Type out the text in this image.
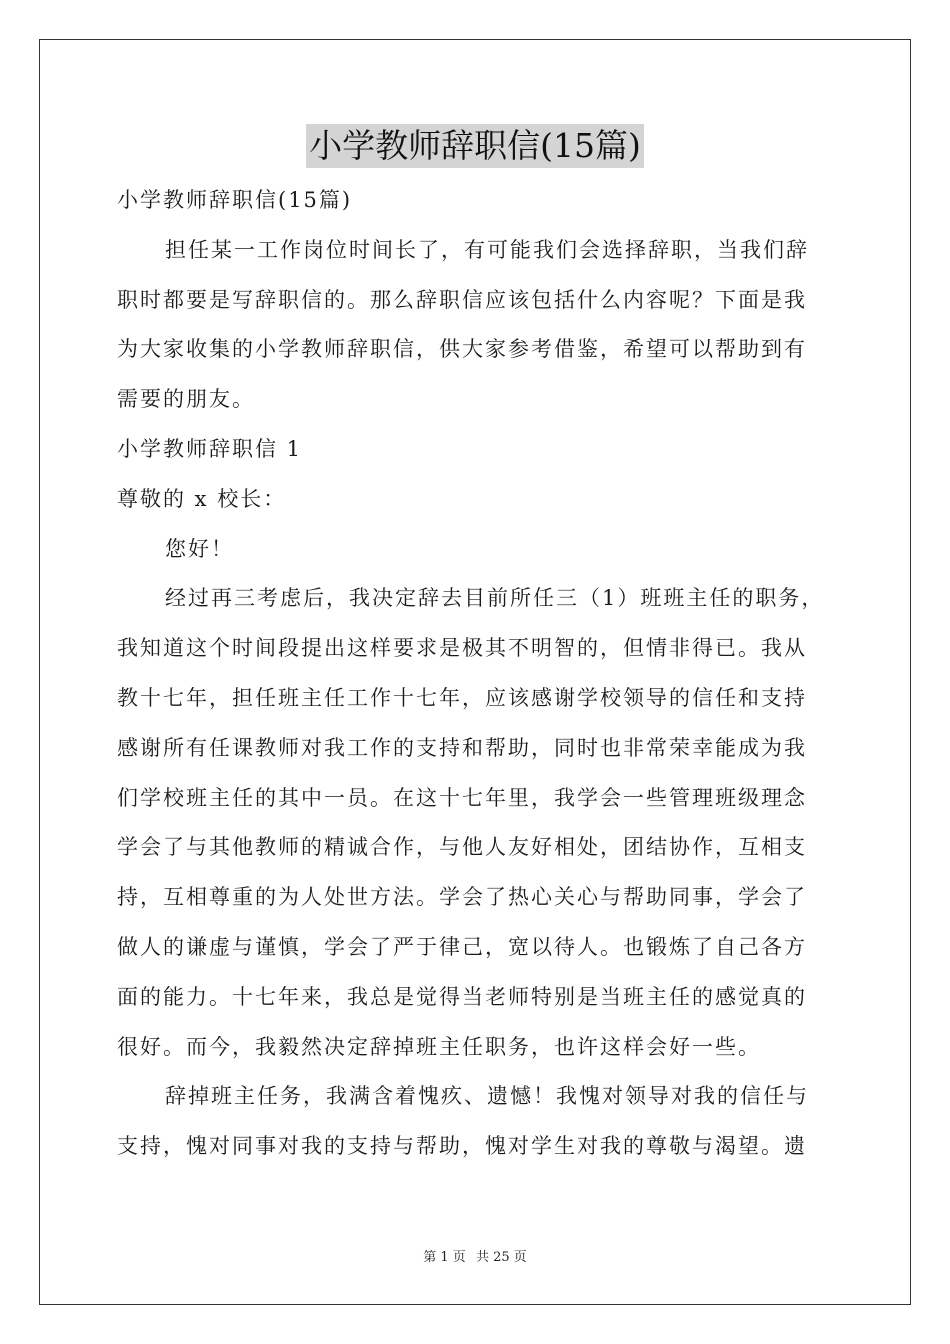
小学教师辞职信(15篇)
小学教师辞职信(15篇)
担任某一工作岗位时间长了，有可能我们会选择辞职，当我们辞
职时都要是写辞职信的。那么辞职信应该包括什么内容呢？下面是我
为大家收集的小学教师辞职信，供大家参考借鉴，希望可以帮助到有
需要的朋友。
小学教师辞职信 1
尊敬的 x 校长：
您好！
经过再三考虑后，我决定辞去目前所任三（1）班班主任的职务，
我知道这个时间段提出这样要求是极其不明智的，但情非得已。我从
教十七年，担任班主任工作十七年，应该感谢学校领导的信任和支持
感谢所有任课教师对我工作的支持和帮助，同时也非常荣幸能成为我
们学校班主任的其中一员。在这十七年里，我学会一些管理班级理念
学会了与其他教师的精诚合作，与他人友好相处，团结协作，互相支
持，互相尊重的为人处世方法。学会了热心关心与帮助同事，学会了
做人的谦虚与谨慎，学会了严于律己，宽以待人。也锻炼了自己各方
面的能力。十七年来，我总是觉得当老师特别是当班主任的感觉真的
很好。而今，我毅然决定辞掉班主任职务，也许这样会好一些。
辞掉班主任务，我满含着愧疚、遗憾！我愧对领导对我的信任与
支持，愧对同事对我的支持与帮助，愧对学生对我的尊敬与渴望。遗
第 1 页 共 25 页
